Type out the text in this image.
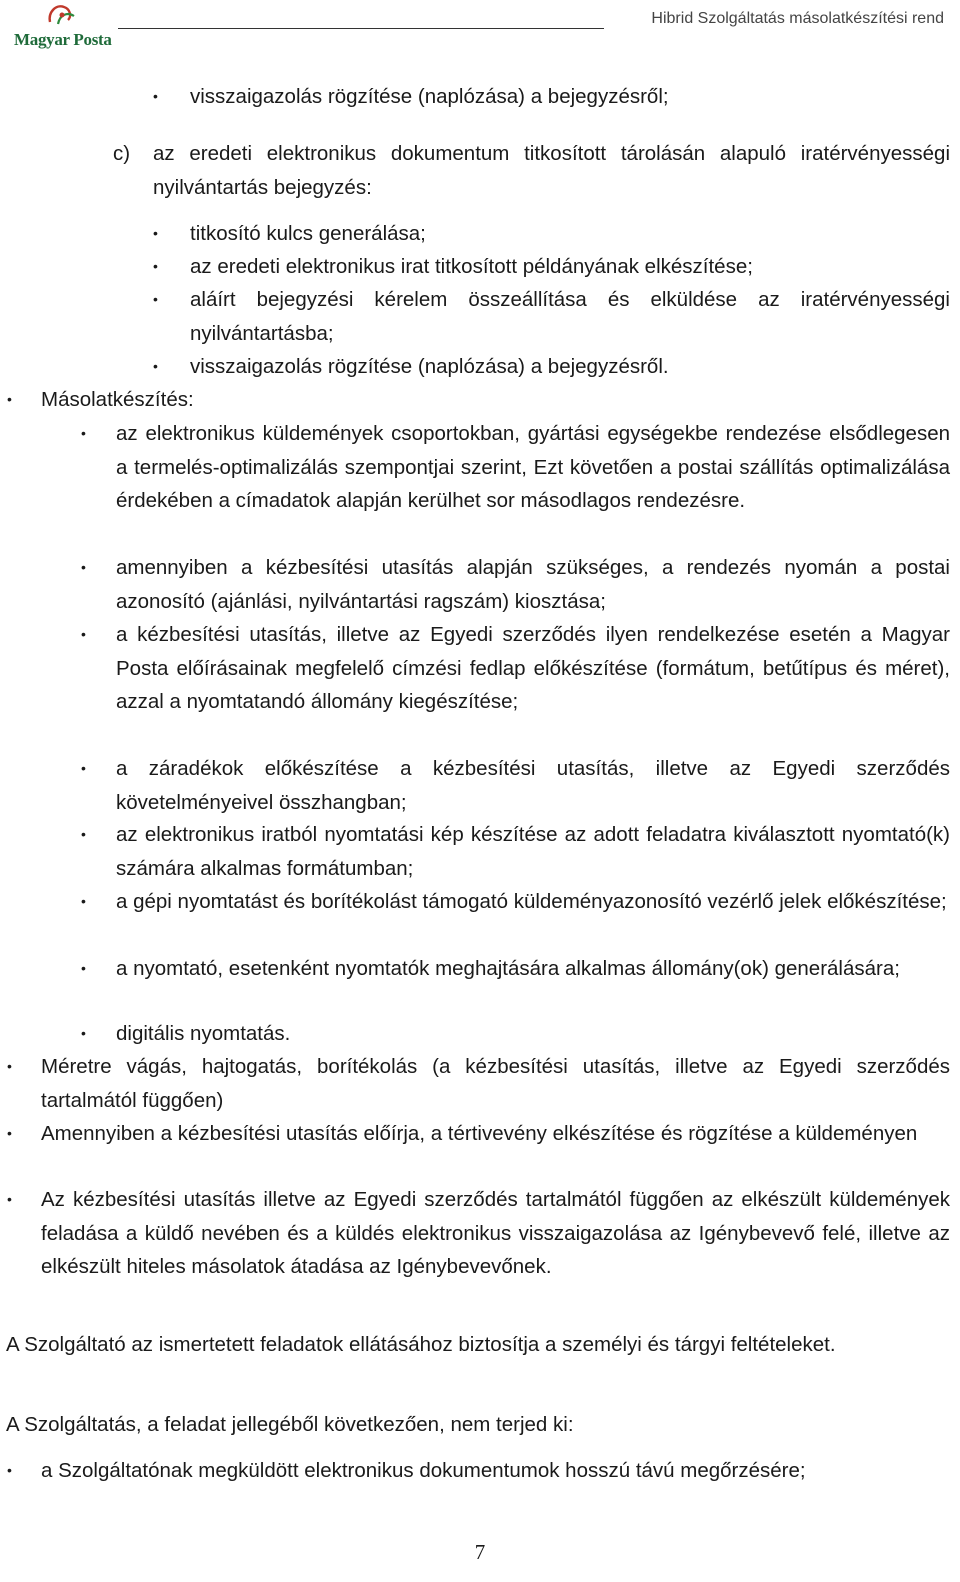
Magyar Posta
Hibrid Szolgáltatás másolatkészítési rend
• visszaigazolás rögzítése (naplózása) a bejegyzésről;
c) az eredeti elektronikus dokumentum titkosított tárolásán alapuló iratérvényességi nyilvántartás bejegyzés:
• titkosító kulcs generálása;
• az eredeti elektronikus irat titkosított példányának elkészítése;
• aláírt bejegyzési kérelem összeállítása és elküldése az iratérvényességi nyilvántartásba;
• visszaigazolás rögzítése (naplózása) a bejegyzésről.
• Másolatkészítés:
• az elektronikus küldemények csoportokban, gyártási egységekbe rendezése elsődlegesen a termelés-optimalizálás szempontjai szerint, Ezt követően a postai szállítás optimalizálása érdekében a címadatok alapján kerülhet sor másodlagos rendezésre.
• amennyiben a kézbesítési utasítás alapján szükséges, a rendezés nyomán a postai azonosító (ajánlási, nyilvántartási ragszám) kiosztása;
• a kézbesítési utasítás, illetve az Egyedi szerződés ilyen rendelkezése esetén a Magyar Posta előírásainak megfelelő címzési fedlap előkészítése (formátum, betűtípus és méret), azzal a nyomtatandó állomány kiegészítése;
• a záradékok előkészítése a kézbesítési utasítás, illetve az Egyedi szerződés követelményeivel összhangban;
• az elektronikus iratból nyomtatási kép készítése az adott feladatra kiválasztott nyomtató(k) számára alkalmas formátumban;
• a gépi nyomtatást és borítékolást támogató küldeményazonosító vezérlő jelek előkészítése;
• a nyomtató, esetenként nyomtatók meghajtására alkalmas állomány(ok) generálására;
• digitális nyomtatás.
• Méretre vágás, hajtogatás, borítékolás (a kézbesítési utasítás, illetve az Egyedi szerződés tartalmától függően)
• Amennyiben a kézbesítési utasítás előírja, a tértivevény elkészítése és rögzítése a küldeményen
• Az kézbesítési utasítás illetve az Egyedi szerződés tartalmától függően az elkészült küldemények feladása a küldő nevében és a küldés elektronikus visszaigazolása az Igénybevevő felé, illetve az elkészült hiteles másolatok átadása az Igénybevevőnek.
A Szolgáltató az ismertetett feladatok ellátásához biztosítja a személyi és tárgyi feltételeket.
A Szolgáltatás, a feladat jellegéből következően, nem terjed ki:
• a Szolgáltatónak megküldött elektronikus dokumentumok hosszú távú megőrzésére;
7
